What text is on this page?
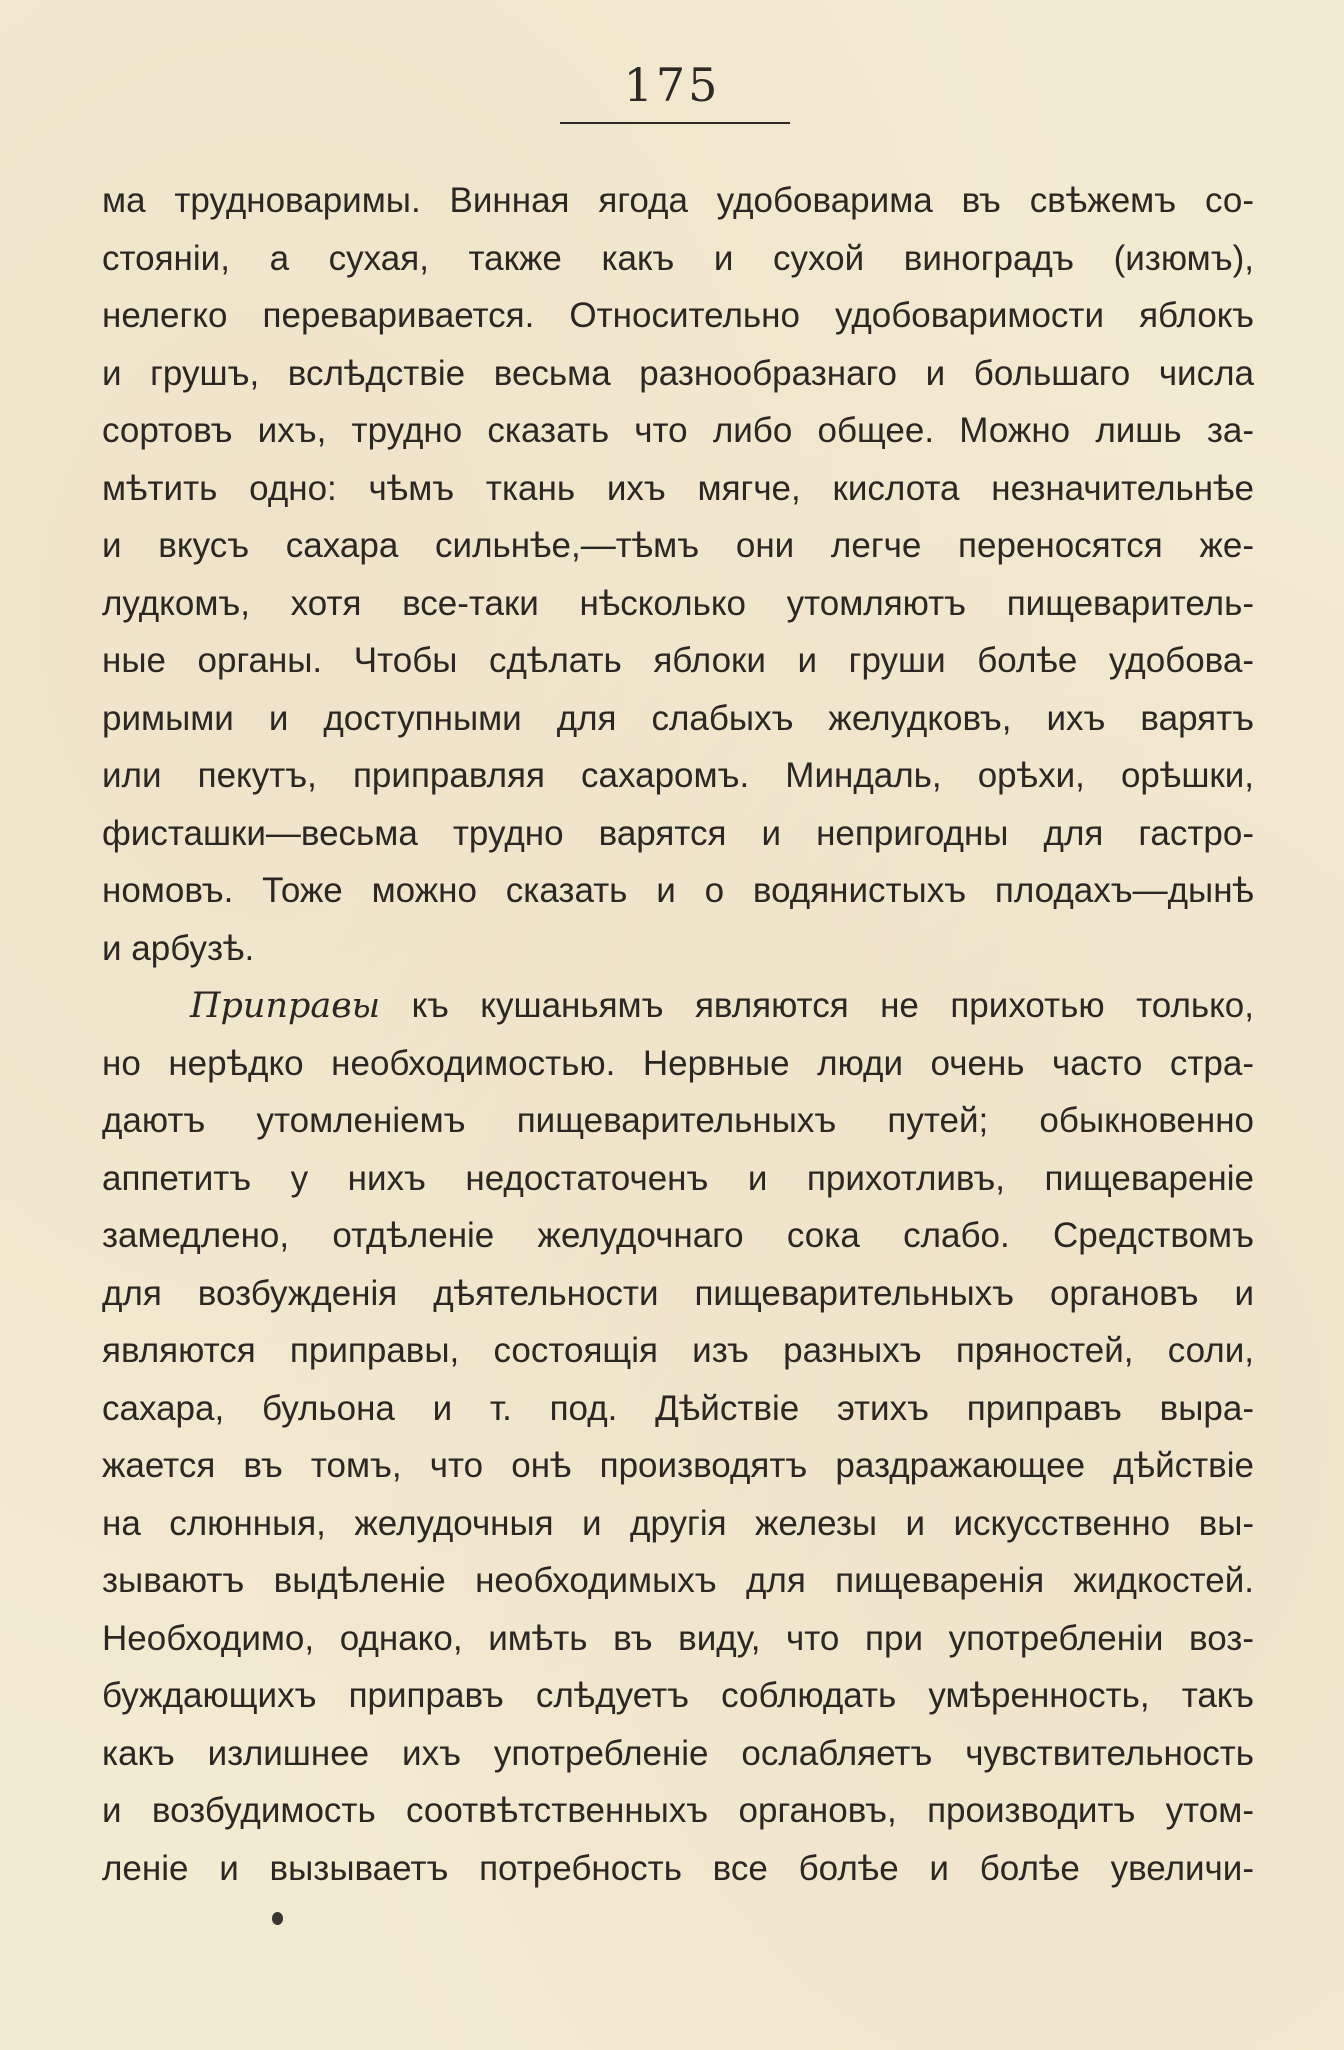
175
ма трудноваримы. Винная ягода удобоварима въ свѣжемъ со-
стояніи, а сухая, также какъ и сухой виноградъ (изюмъ),
нелегко переваривается. Относительно удобоваримости яблокъ
и грушъ, вслѣдствіе весьма разнообразнаго и большаго числа
сортовъ ихъ, трудно сказать что либо общее. Можно лишь за-
мѣтить одно: чѣмъ ткань ихъ мягче, кислота незначительнѣе
и вкусъ сахара сильнѣе,—тѣмъ они легче переносятся же-
лудкомъ, хотя все-таки нѣсколько утомляютъ пищеваритель-
ные органы. Чтобы сдѣлать яблоки и груши болѣе удобова-
римыми и доступными для слабыхъ желудковъ, ихъ варятъ
или пекутъ, приправляя сахаромъ. Миндаль, орѣхи, орѣшки,
фисташки—весьма трудно варятся и непригодны для гастро-
номовъ. Тоже можно сказать и о водянистыхъ плодахъ—дынѣ
и арбузѣ.
Приправы къ кушаньямъ являются не прихотью только,
но нерѣдко необходимостью. Нервные люди очень часто стра-
даютъ утомленіемъ пищеварительныхъ путей; обыкновенно
аппетитъ у нихъ недостаточенъ и прихотливъ, пищевареніе
замедлено, отдѣленіе желудочнаго сока слабо. Средствомъ
для возбужденія дѣятельности пищеварительныхъ органовъ и
являются приправы, состоящія изъ разныхъ пряностей, соли,
сахара, бульона и т. под. Дѣйствіе этихъ приправъ выра-
жается въ томъ, что онѣ производятъ раздражающее дѣйствіе
на слюнныя, желудочныя и другія железы и искусственно вы-
зываютъ выдѣленіе необходимыхъ для пищеваренія жидкостей.
Необходимо, однако, имѣть въ виду, что при употребленіи воз-
буждающихъ приправъ слѣдуетъ соблюдать умѣренность, такъ
какъ излишнее ихъ употребленіе ослабляетъ чувствительность
и возбудимость соотвѣтственныхъ органовъ, производитъ утом-
леніе и вызываетъ потребность все болѣе и болѣе увеличи-
